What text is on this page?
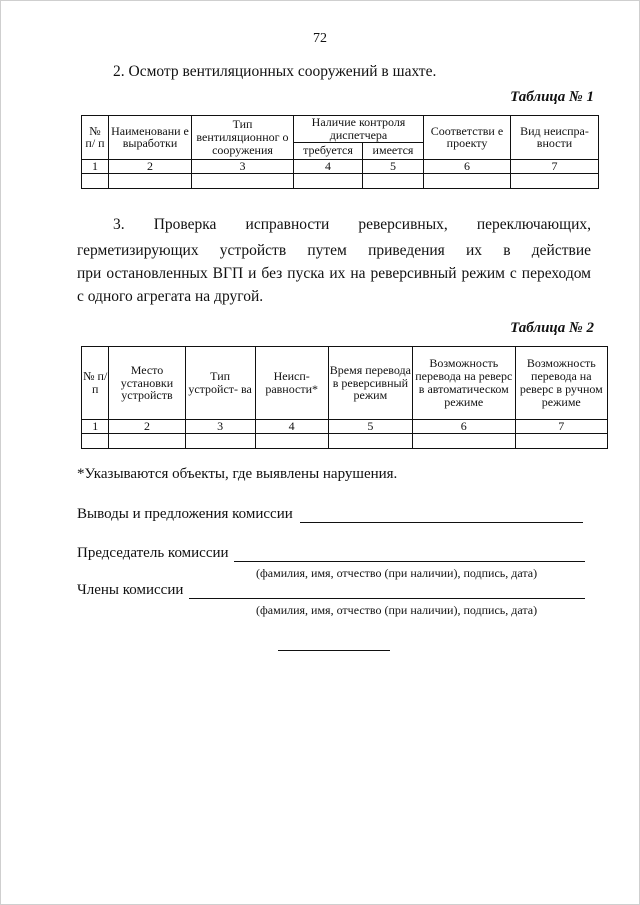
72
2. Осмотр вентиляционных сооружений в шахте.
Таблица № 1
№ п/ п	Наименовани е выработки	Тип вентиляционног о сооружения	Наличие контроля диспетчера		Соответстви е проекту	Вид неиспра- вности
			требуется	имеется		
1	2	3	4	5	6	7

3. Проверка исправности реверсивных, переключающих,
герметизирующих устройств путем приведения их в действие
при остановленных ВГП и без пуска их на реверсивный режим с переходом
с одного агрегата на другой.
Таблица № 2
№ п/п	Место установки устройств	Тип устройст- ва	Неисп- равности*	Время перевода в реверсивный режим	Возможность перевода на реверс в автоматическом режиме	Возможность перевода на реверс в ручном режиме
1	2	3	4	5	6	7

*Указываются объекты, где выявлены нарушения.
Выводы и предложения комиссии
Председатель комиссии
(фамилия, имя, отчество (при наличии), подпись, дата)
Члены комиссии
(фамилия, имя, отчество (при наличии), подпись, дата)
